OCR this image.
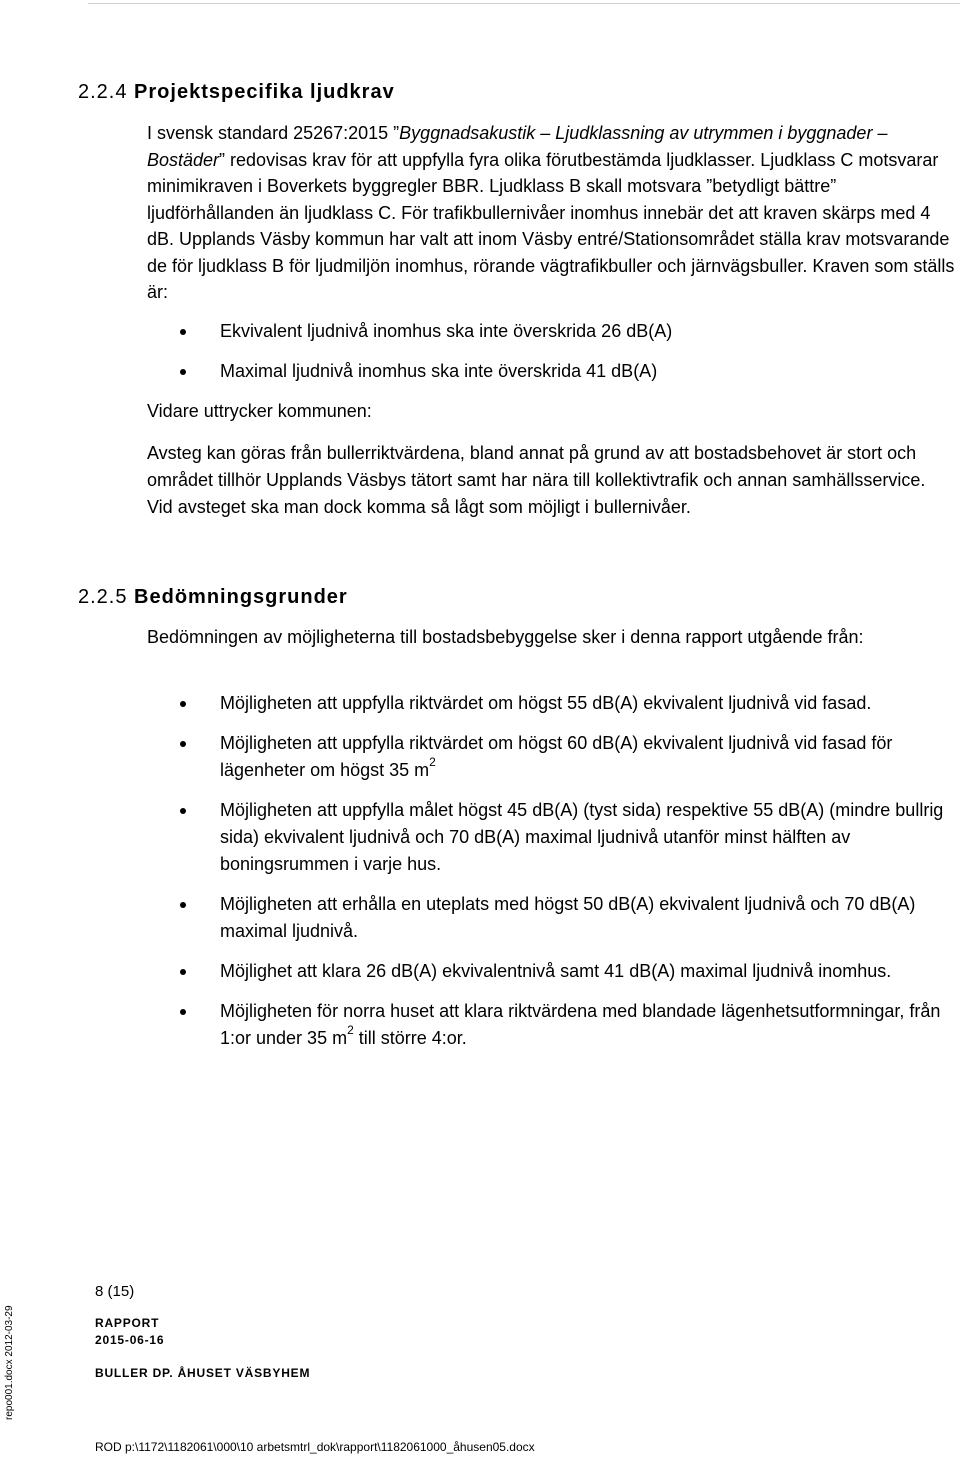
2.2.4 Projektspecifika ljudkrav
I svensk standard 25267:2015 ”Byggnadsakustik – Ljudklassning av utrymmen i byggnader – Bostäder” redovisas krav för att uppfylla fyra olika förutbestämda ljudklasser. Ljudklass C motsvarar minimikraven i Boverkets byggregler BBR. Ljudklass B skall motsvara ”betydligt bättre” ljudförhållanden än ljudklass C. För trafikbullernivåer inomhus innebär det att kraven skärps med 4 dB. Upplands Väsby kommun har valt att inom Väsby entré/Stationsområdet ställa krav motsvarande de för ljudklass B för ljudmiljön inomhus, rörande vägtrafikbuller och järnvägsbuller. Kraven som ställs är:
Ekvivalent ljudnivå inomhus ska inte överskrida 26 dB(A)
Maximal ljudnivå inomhus ska inte överskrida 41 dB(A)
Vidare uttrycker kommunen:
Avsteg kan göras från bullerriktvärdena, bland annat på grund av att bostadsbehovet är stort och området tillhör Upplands Väsbys tätort samt har nära till kollektivtrafik och annan samhällsservice. Vid avsteget ska man dock komma så lågt som möjligt i bullernivåer.
2.2.5 Bedömningsgrunder
Bedömningen av möjligheterna till bostadsbebyggelse sker i denna rapport utgående från:
Möjligheten att uppfylla riktvärdet om högst 55 dB(A) ekvivalent ljudnivå vid fasad.
Möjligheten att uppfylla riktvärdet om högst 60 dB(A) ekvivalent ljudnivå vid fasad för lägenheter om högst 35 $m^2$
Möjligheten att uppfylla målet högst 45 dB(A) (tyst sida) respektive 55 dB(A) (mindre bullrig sida) ekvivalent ljudnivå och 70 dB(A) maximal ljudnivå utanför minst hälften av boningsrummen i varje hus.
Möjligheten att erhålla en uteplats med högst 50 dB(A) ekvivalent ljudnivå och 70 dB(A) maximal ljudnivå.
Möjlighet att klara 26 dB(A) ekvivalentnivå samt 41 dB(A) maximal ljudnivå inomhus.
Möjligheten för norra huset att klara riktvärdena med blandade lägenhetsutformningar, från 1:or under 35 $m^2$ till större 4:or.
8 (15)
RAPPORT
2015-06-16
BULLER DP. ÅHUSET VÄSBYHEM
ROD p:\1172\1182061\000\10 arbetsmtrl_dok\rapport\1182061000_åhusen05.docx
repo001.docx 2012-03-29
